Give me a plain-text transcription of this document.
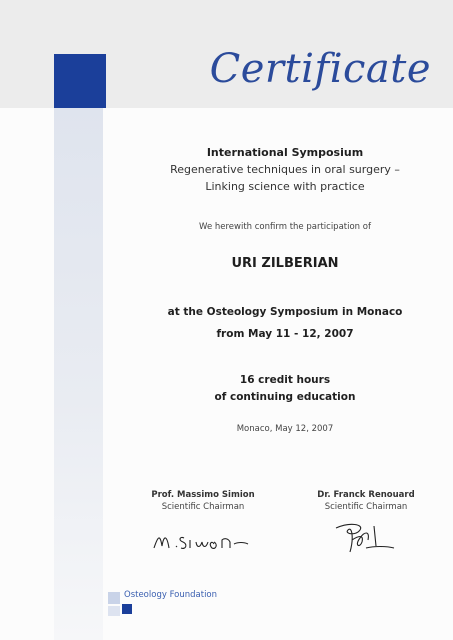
Certificate
International Symposium
Regenerative techniques in oral surgery –
Linking science with practice
We herewith confirm the participation of
URI ZILBERIAN
at the Osteology Symposium in Monaco
from May 11 - 12, 2007
16 credit hours
of continuing education
Monaco, May 12, 2007
Prof. Massimo Simion
Scientific Chairman
Dr. Franck Renouard
Scientific Chairman
Osteology Foundation
